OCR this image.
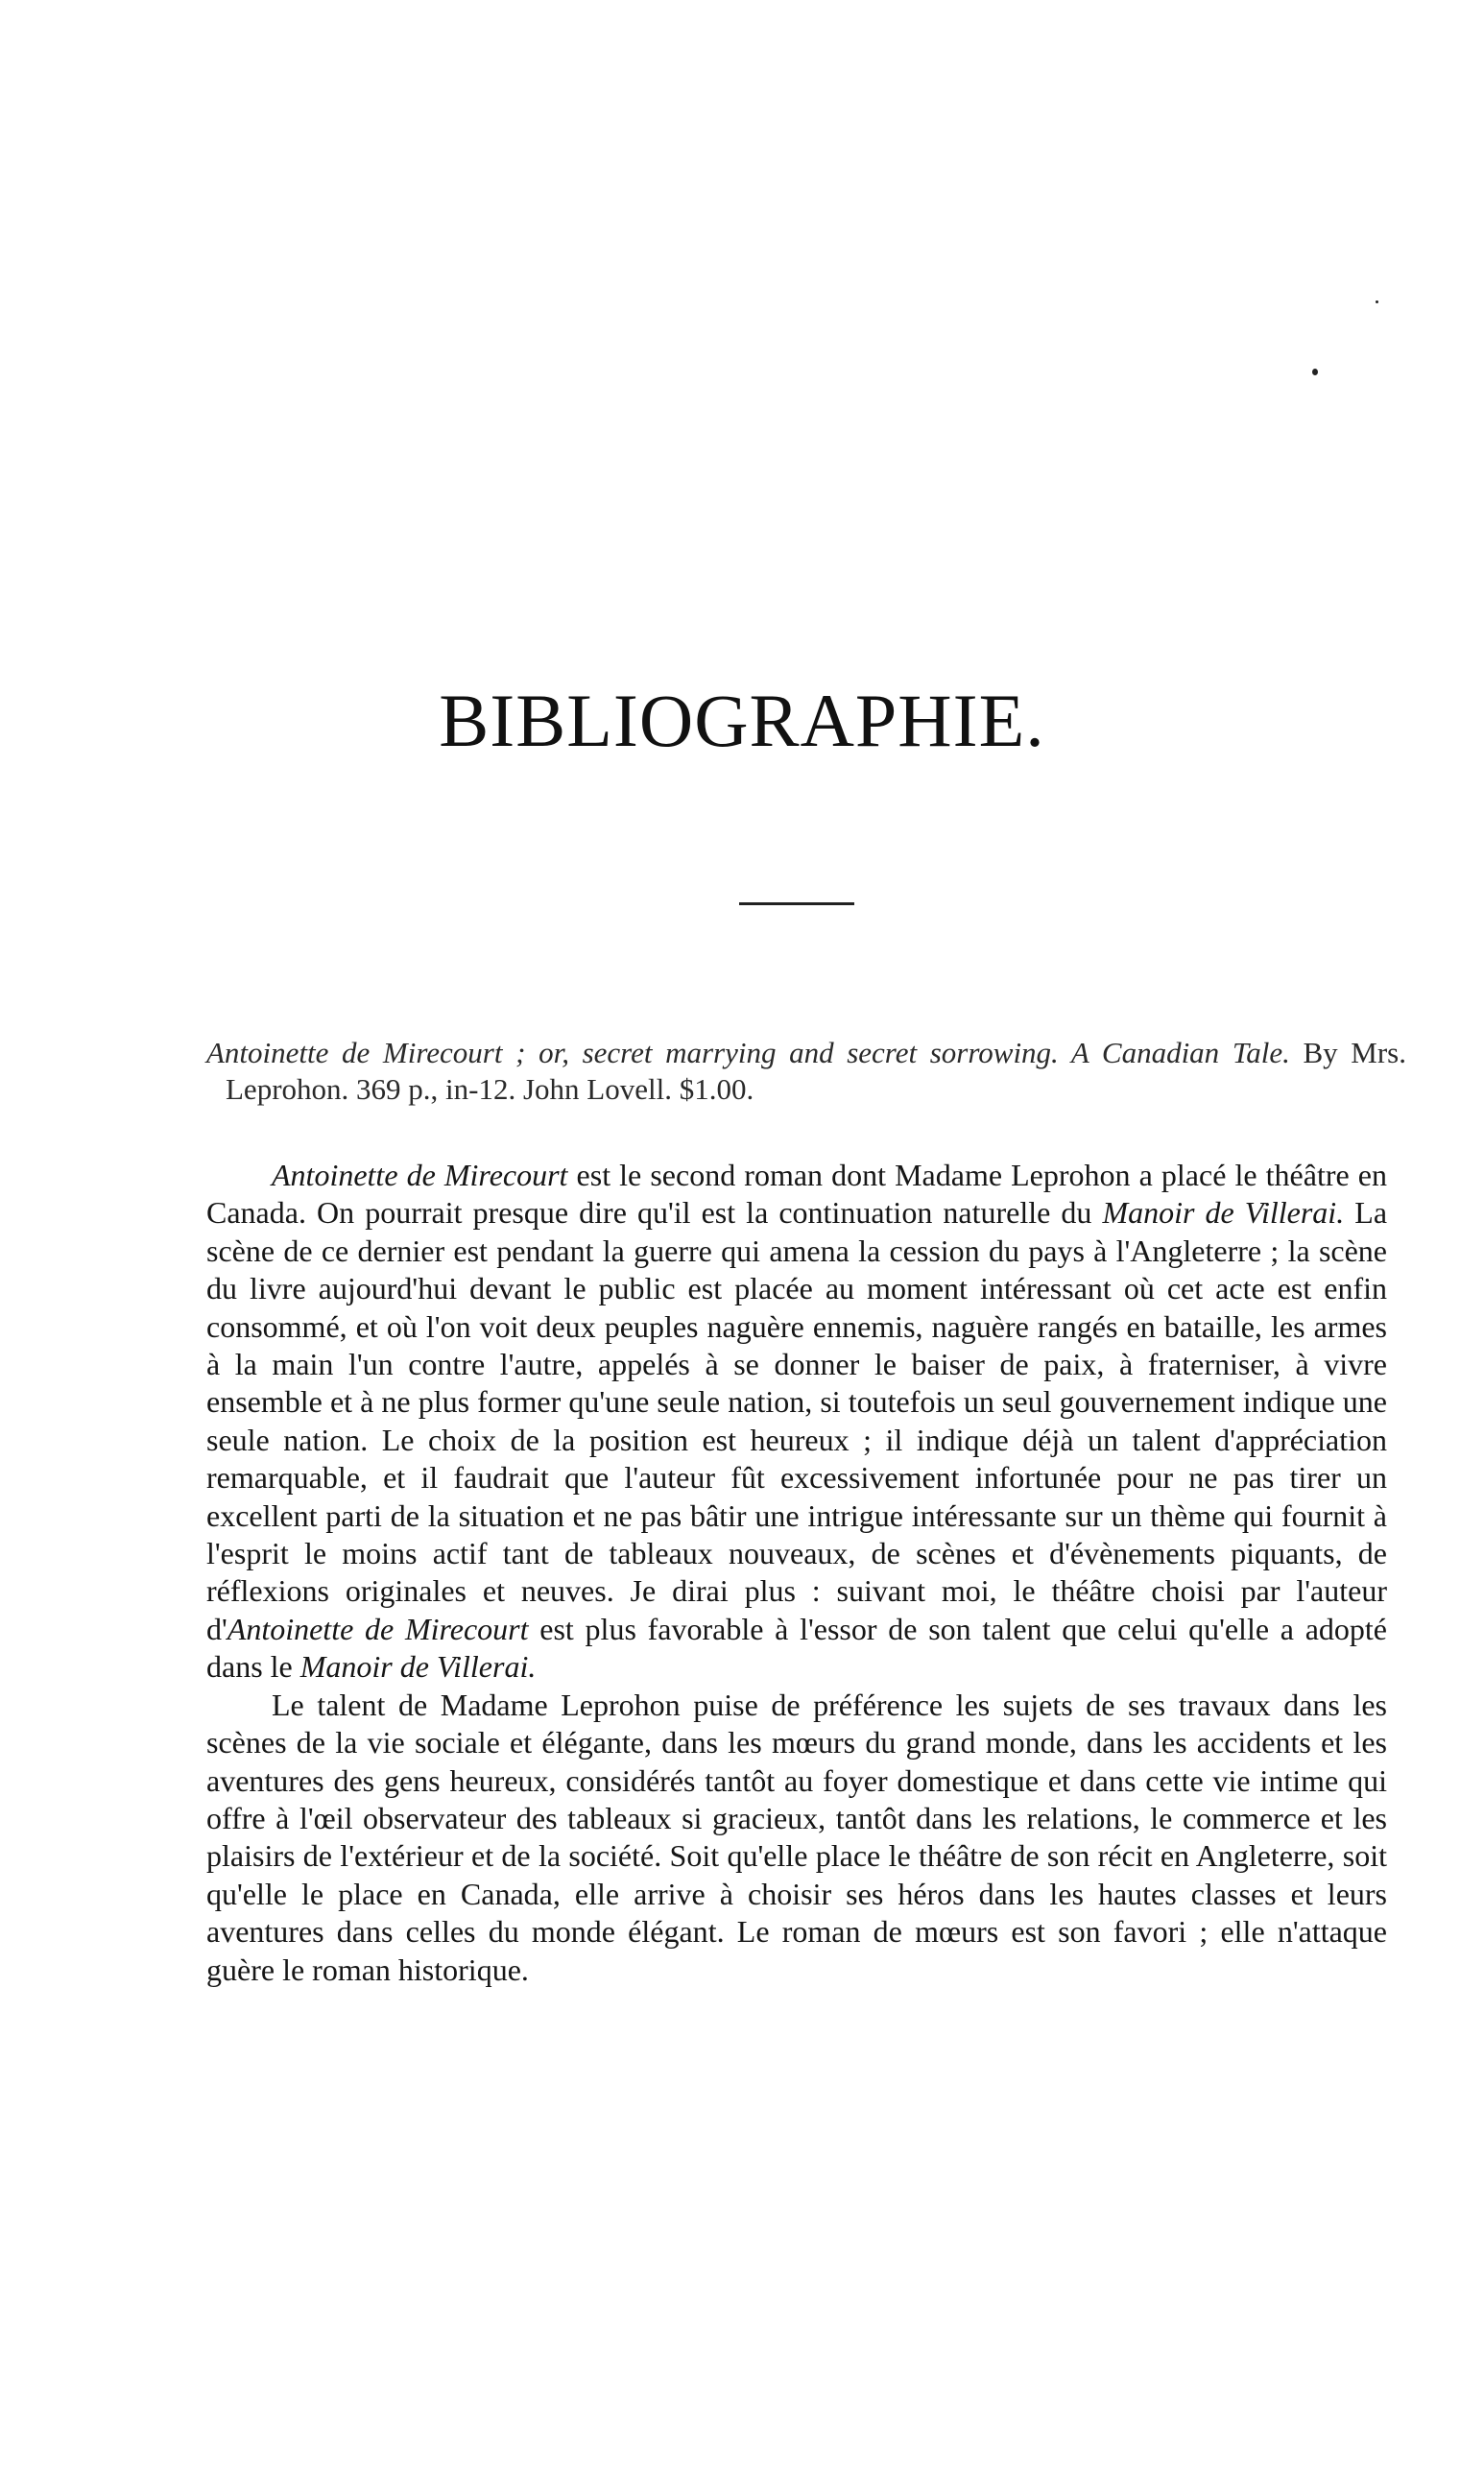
BIBLIOGRAPHIE.

Antoinette de Mirecourt ; or, secret marrying and secret sorrowing. A Canadian Tale. By Mrs. Leprohon. 369 p., in-12. John Lovell. $1.00.

Antoinette de Mirecourt est le second roman dont Madame Leprohon a placé le théâtre en Canada. On pourrait presque dire qu'il est la continuation naturelle du Manoir de Villerai. La scène de ce dernier est pendant la guerre qui amena la cession du pays à l'Angleterre ; la scène du livre aujourd'hui devant le public est placée au moment intéressant où cet acte est enfin consommé, et où l'on voit deux peuples naguère ennemis, naguère rangés en bataille, les armes à la main l'un contre l'autre, appelés à se donner le baiser de paix, à fraterniser, à vivre ensemble et à ne plus former qu'une seule nation, si toutefois un seul gouvernement indique une seule nation. Le choix de la position est heureux ; il indique déjà un talent d'appréciation remarquable, et il faudrait que l'auteur fût excessivement infortunée pour ne pas tirer un excellent parti de la situation et ne pas bâtir une intrigue intéressante sur un thème qui fournit à l'esprit le moins actif tant de tableaux nouveaux, de scènes et d'évènements piquants, de réflexions originales et neuves. Je dirai plus : suivant moi, le théâtre choisi par l'auteur d'Antoinette de Mirecourt est plus favorable à l'essor de son talent que celui qu'elle a adopté dans le Manoir de Villerai.

Le talent de Madame Leprohon puise de préférence les sujets de ses travaux dans les scènes de la vie sociale et élégante, dans les mœurs du grand monde, dans les accidents et les aventures des gens heureux, considérés tantôt au foyer domestique et dans cette vie intime qui offre à l'œil observateur des tableaux si gracieux, tantôt dans les relations, le commerce et les plaisirs de l'extérieur et de la société. Soit qu'elle place le théâtre de son récit en Angleterre, soit qu'elle le place en Canada, elle arrive à choisir ses héros dans les hautes classes et leurs aventures dans celles du monde élégant. Le roman de mœurs est son favori ; elle n'attaque guère le roman historique.
